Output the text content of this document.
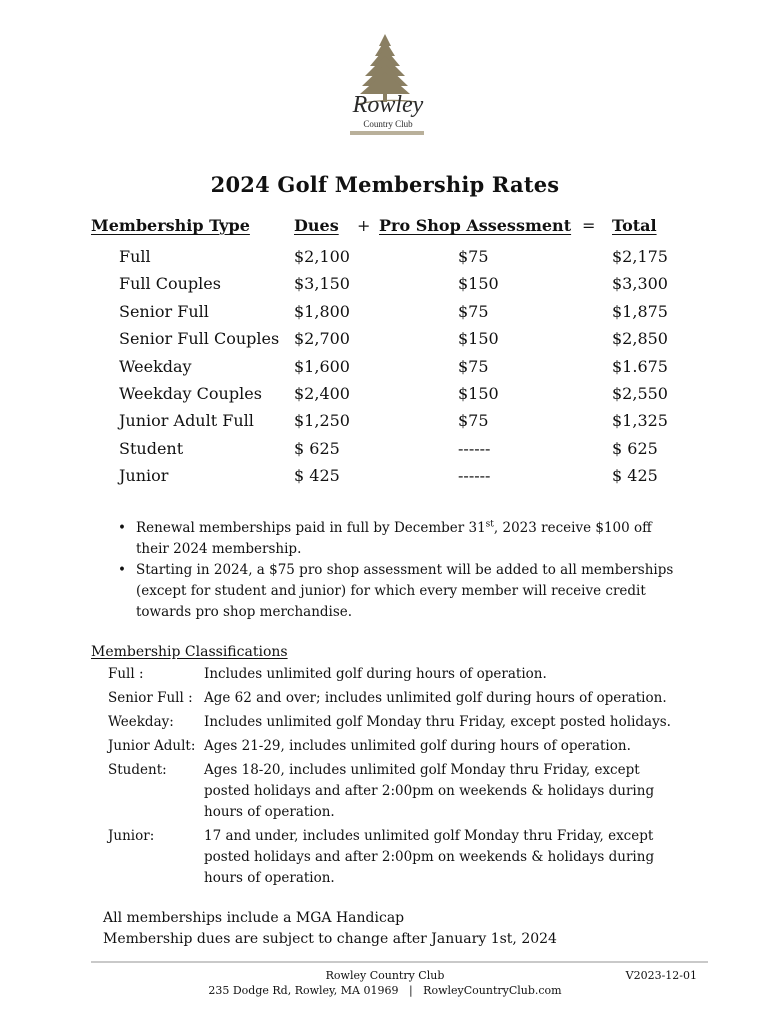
Rowley
Country Club
2024 Golf Membership Rates
Membership Type	Dues + Pro Shop Assessment = Total
Full	$2,100	$75	$2,175
Full Couples	$3,150	$150	$3,300
Senior Full	$1,800	$75	$1,875
Senior Full Couples $2,700	$150	$2,850
Weekday	$1,600	$75	$1.675
Weekday Couples $2,400	$150	$2,550
Junior Adult Full	$1,250	$75	$1,325
Student	$ 625	------	$ 625
Junior	$ 425	------	$ 425
• Renewal memberships paid in full by December 31st, 2023 receive $100 off their 2024 membership.
• Starting in 2024, a $75 pro shop assessment will be added to all memberships (except for student and junior) for which every member will receive credit towards pro shop merchandise.
Membership Classifications
Full :	Includes unlimited golf during hours of operation.
Senior Full : Age 62 and over; includes unlimited golf during hours of operation.
Weekday:	Includes unlimited golf Monday thru Friday, except posted holidays.
Junior Adult: Ages 21-29, includes unlimited golf during hours of operation.
Student:	Ages 18-20, includes unlimited golf Monday thru Friday, except posted holidays and after 2:00pm on weekends & holidays during hours of operation.
Junior:	17 and under, includes unlimited golf Monday thru Friday, except posted holidays and after 2:00pm on weekends & holidays during hours of operation.
All memberships include a MGA Handicap
Membership dues are subject to change after January 1st, 2024
Rowley Country Club
235 Dodge Rd, Rowley, MA 01969   |   RowleyCountryClub.com
V2023-12-01
